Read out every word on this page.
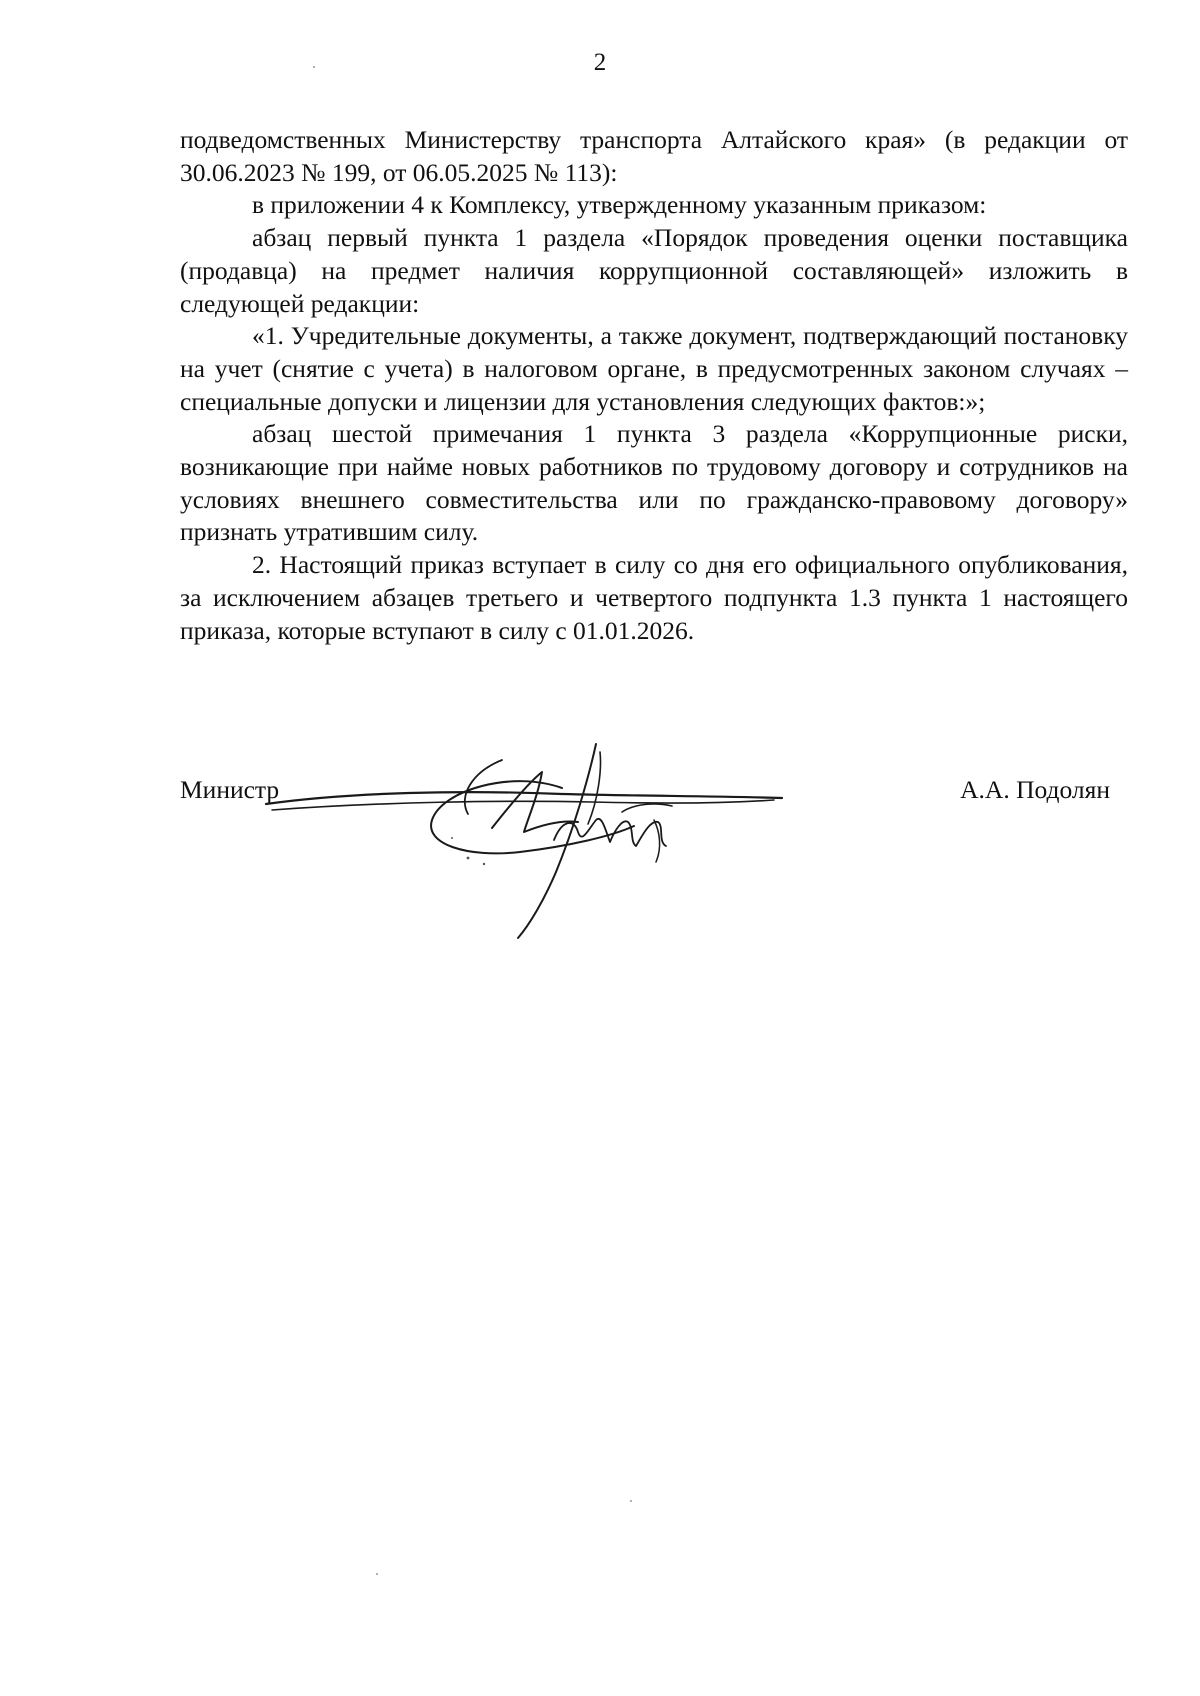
2

подведомственных Министерству транспорта Алтайского края» (в редакции от 30.06.2023 № 199, от 06.05.2025 № 113):

в приложении 4 к Комплексу, утвержденному указанным приказом:

абзац первый пункта 1 раздела «Порядок проведения оценки поставщика (продавца) на предмет наличия коррупционной составляющей» изложить в следующей редакции:

«1. Учредительные документы, а также документ, подтверждающий постановку на учет (снятие с учета) в налоговом органе, в предусмотренных законом случаях – специальные допуски и лицензии для установления следующих фактов:»;

абзац шестой примечания 1 пункта 3 раздела «Коррупционные риски, возникающие при найме новых работников по трудовому договору и сотрудников на условиях внешнего совместительства или по гражданско-правовому договору» признать утратившим силу.

2. Настоящий приказ вступает в силу со дня его официального опубликования, за исключением абзацев третьего и четвертого подпункта 1.3 пункта 1 настоящего приказа, которые вступают в силу с 01.01.2026.

Министр	А.А. Подолян
